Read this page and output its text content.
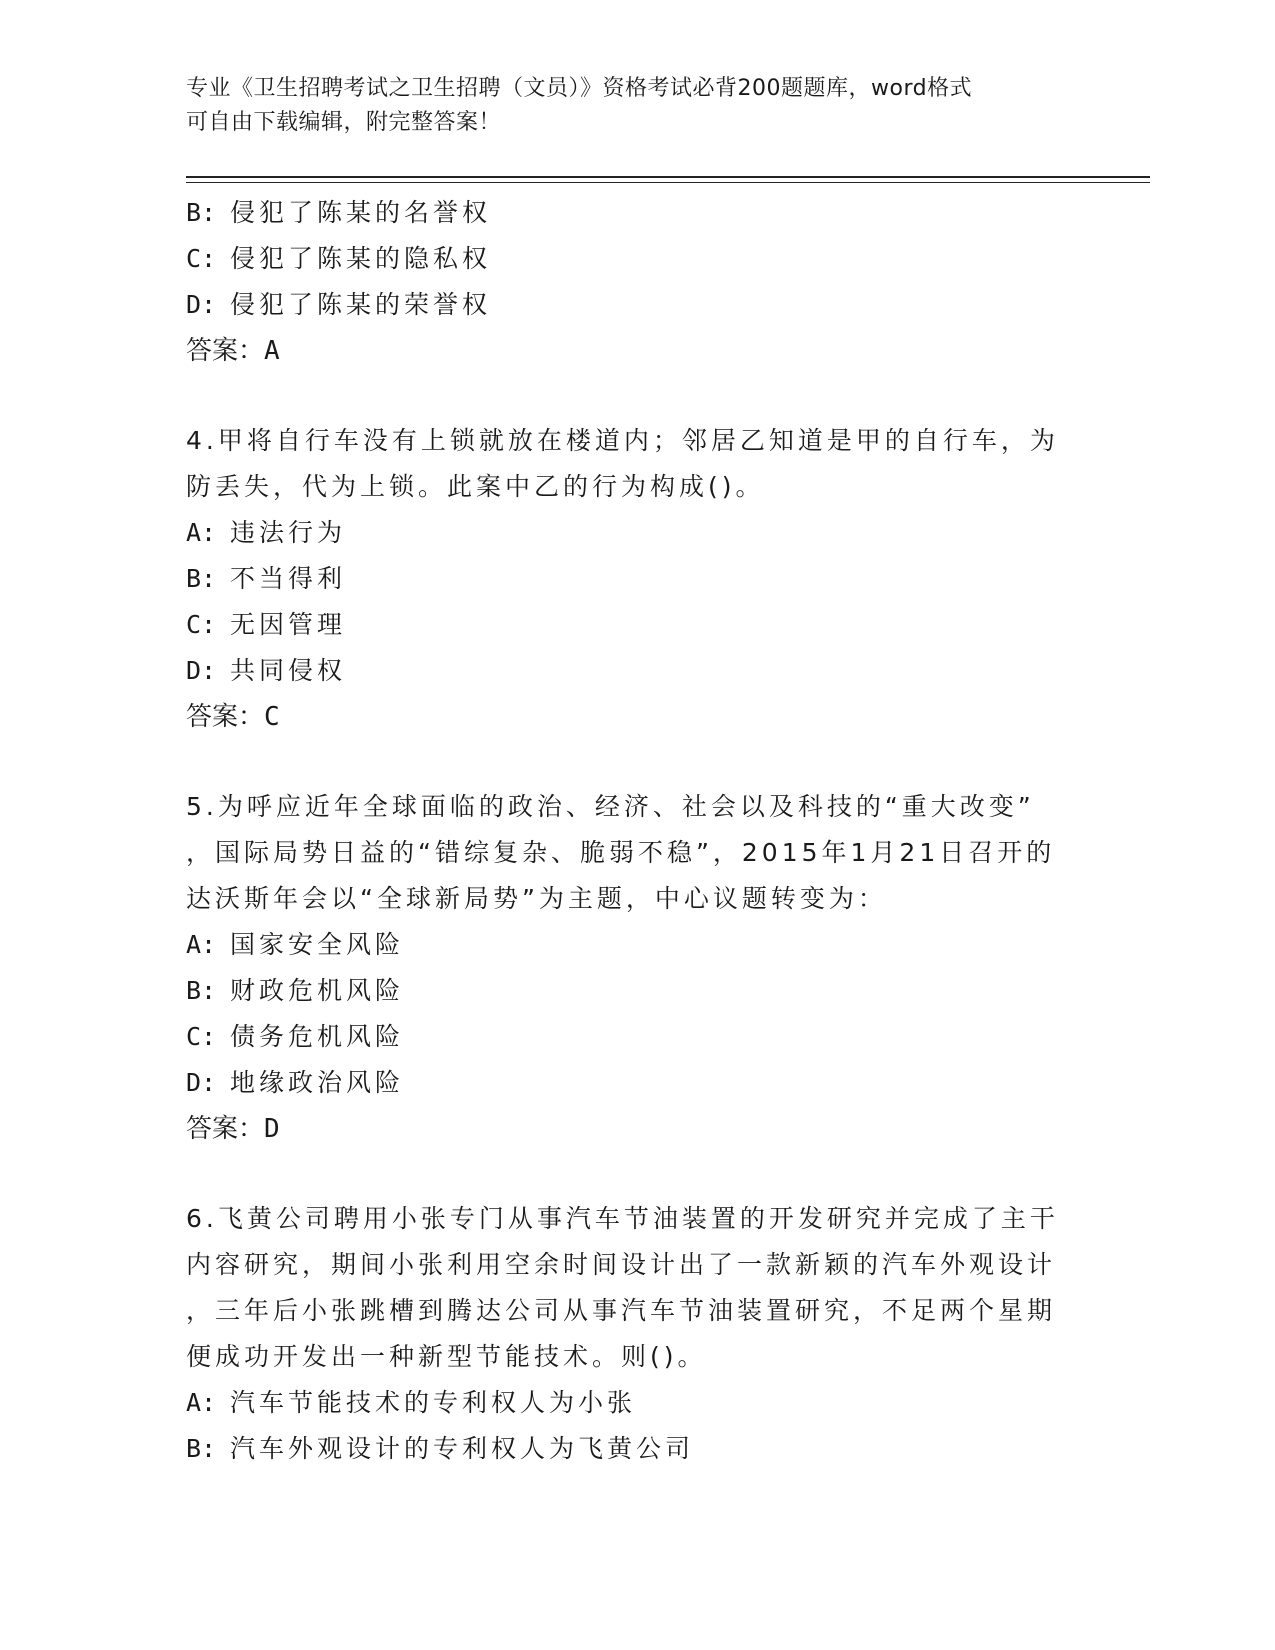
专业《卫生招聘考试之卫生招聘（文员）》资格考试必背200题题库，word格式
可自由下载编辑，附完整答案！
B: 侵犯了陈某的名誉权
C: 侵犯了陈某的隐私权
D: 侵犯了陈某的荣誉权
答案：A
4.甲将自行车没有上锁就放在楼道内；邻居乙知道是甲的自行车，为
防丢失，代为上锁。此案中乙的行为构成()。
A: 违法行为
B: 不当得利
C: 无因管理
D: 共同侵权
答案：C
5.为呼应近年全球面临的政治、经济、社会以及科技的“重大改变”
，国际局势日益的“错综复杂、脆弱不稳”，2015年1月21日召开的
达沃斯年会以“全球新局势”为主题，中心议题转变为：
A: 国家安全风险
B: 财政危机风险
C: 债务危机风险
D: 地缘政治风险
答案：D
6.飞黄公司聘用小张专门从事汽车节油装置的开发研究并完成了主干
内容研究，期间小张利用空余时间设计出了一款新颖的汽车外观设计
，三年后小张跳槽到腾达公司从事汽车节油装置研究，不足两个星期
便成功开发出一种新型节能技术。则()。
A: 汽车节能技术的专利权人为小张
B: 汽车外观设计的专利权人为飞黄公司
